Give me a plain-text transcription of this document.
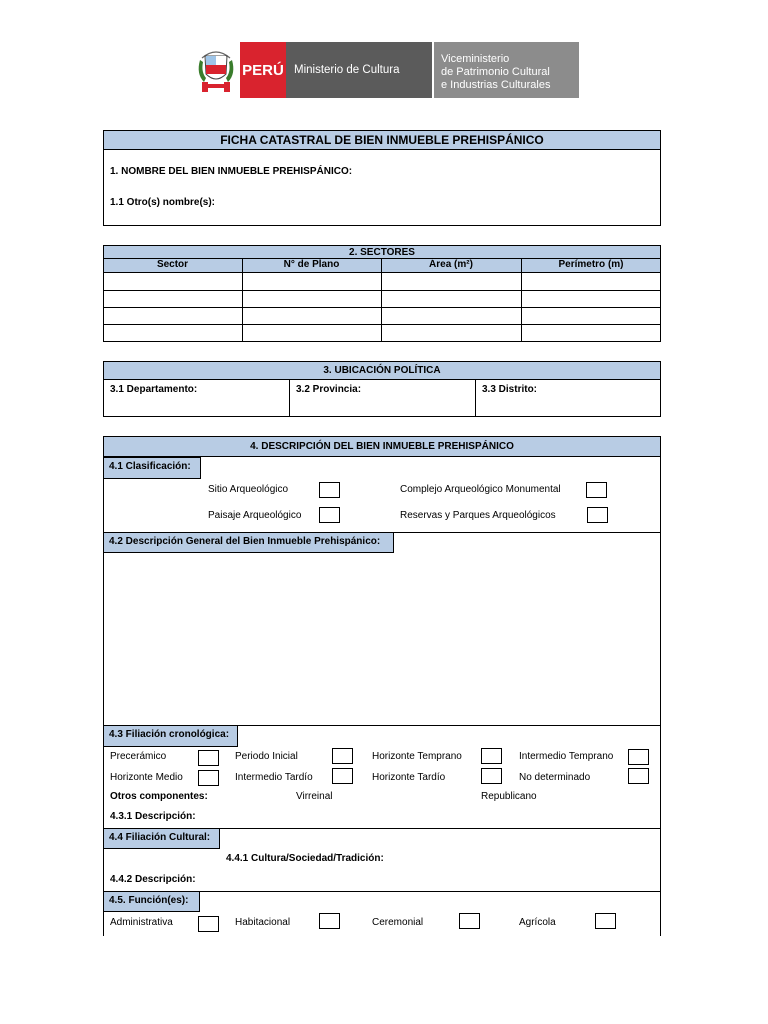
PERÚ Ministerio de Cultura
Viceministerio
de Patrimonio Cultural
e Industrias Culturales
FICHA CATASTRAL DE BIEN INMUEBLE PREHISPÁNICO
1. NOMBRE DEL BIEN INMUEBLE PREHISPÁNICO:
1.1 Otro(s) nombre(s):
2. SECTORES
Sector	N° de Plano	Área (m²)	Perímetro (m)
3. UBICACIÓN POLÍTICA
3.1 Departamento:	3.2 Provincia:	3.3 Distrito:
4. DESCRIPCIÓN DEL BIEN INMUEBLE PREHISPÁNICO
4.1 Clasificación:
Sitio Arqueológico	Complejo Arqueológico Monumental
Paisaje Arqueológico	Reservas y Parques Arqueológicos
4.2 Descripción General del Bien Inmueble Prehispánico:
4.3 Filiación cronológica:
Precerámico	Periodo Inicial	Horizonte Temprano	Intermedio Temprano
Horizonte Medio	Intermedio Tardío	Horizonte Tardío	No determinado
Otros componentes:	Virreinal	Republicano
4.3.1 Descripción:
4.4 Filiación Cultural:
4.4.1 Cultura/Sociedad/Tradición:
4.4.2 Descripción:
4.5. Función(es):
Administrativa	Habitacional	Ceremonial	Agrícola
